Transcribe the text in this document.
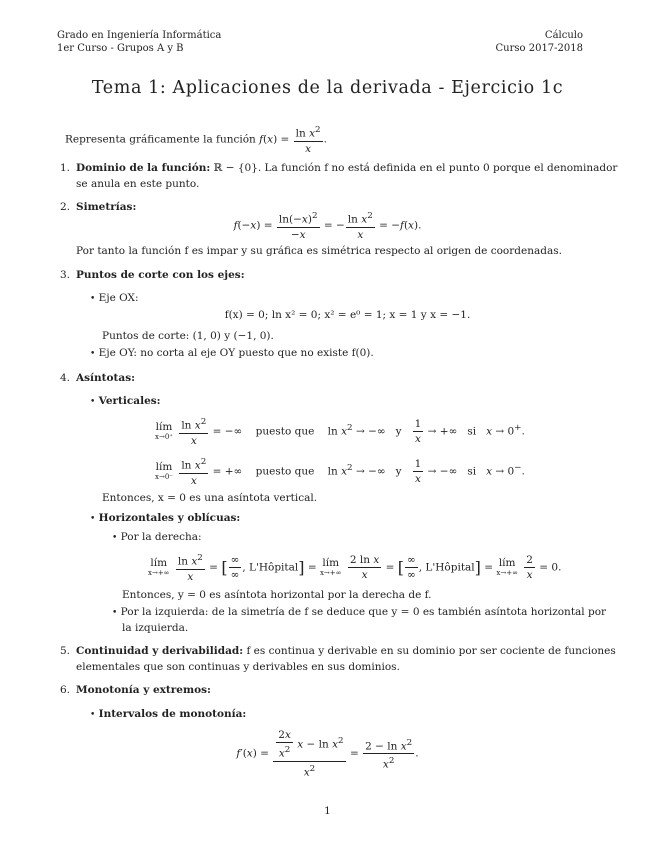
Grado en Ingeniería Informática
1er Curso - Grupos A y B
Cálculo
Curso 2017-2018
Tema 1: Aplicaciones de la derivada - Ejercicio 1c
Representa gráficamente la función $f(x) = \frac{\ln x^2}{x}$ .
1. Dominio de la función: ℝ − {0}. La función f no está definida en el punto 0 porque el denominador
se anula en este punto.
2. Simetrías:
$f(-x) = \frac{\ln(-x)^2}{-x}$ = − $\frac{\ln x^2}{x} = -f(x)$.
Por tanto la función f es impar y su gráfica es simétrica respecto al origen de coordenadas.
3. Puntos de corte con los ejes:
• Eje OX:
f(x) = 0; ln x² = 0; x² = e⁰ = 1; x = 1 y x = −1.
Puntos de corte: (1, 0) y (−1, 0).
• Eje OY: no corta al eje OY puesto que no existe f(0).
4. Asíntotas:
• Verticales:
lím
x→0⁺
$\frac{\ln x^2}{x}$ = −∞    puesto que    $\ln x^2$ → −∞   y $\frac{1}{x}$ → +∞   si   x → 0+.
lím
x→0⁻
$\frac{\ln x^2}{x}$ = +∞    puesto que    $\ln x^2$ → −∞   y $\frac{1}{x}$ → −∞   si   x → 0−.
Entonces, x = 0 es una asíntota vertical.
• Horizontales y oblícuas:
• Por la derecha:
lím
x→+∞
$\frac{\ln x^2}{x}$ = [ $\frac{\infty}{\infty}$ , L'Hôpital] = lím
x→+∞
$\frac{\text{2 ln x}}{x}$ = [ $\frac{\infty}{\infty}$ , L'Hôpital] = lím
x→+∞
$\frac{2}{x} = 0$.
Entonces, y = 0 es asíntota horizontal por la derecha de f.
• Por la izquierda: de la simetría de f se deduce que y = 0 es también asíntota horizontal por
la izquierda.
5. Continuidad y derivabilidad: f es continua y derivable en su dominio por ser cociente de funciones
elementales que son continuas y derivables en sus dominios.
6. Monotonía y extremos:
• Intervalos de monotonía:
$f'(x) = \frac{\frac{2x}{x^2} x - \ln x^2}{x^2} = \frac{2 - \ln x^2}{x^2}$ .
1
